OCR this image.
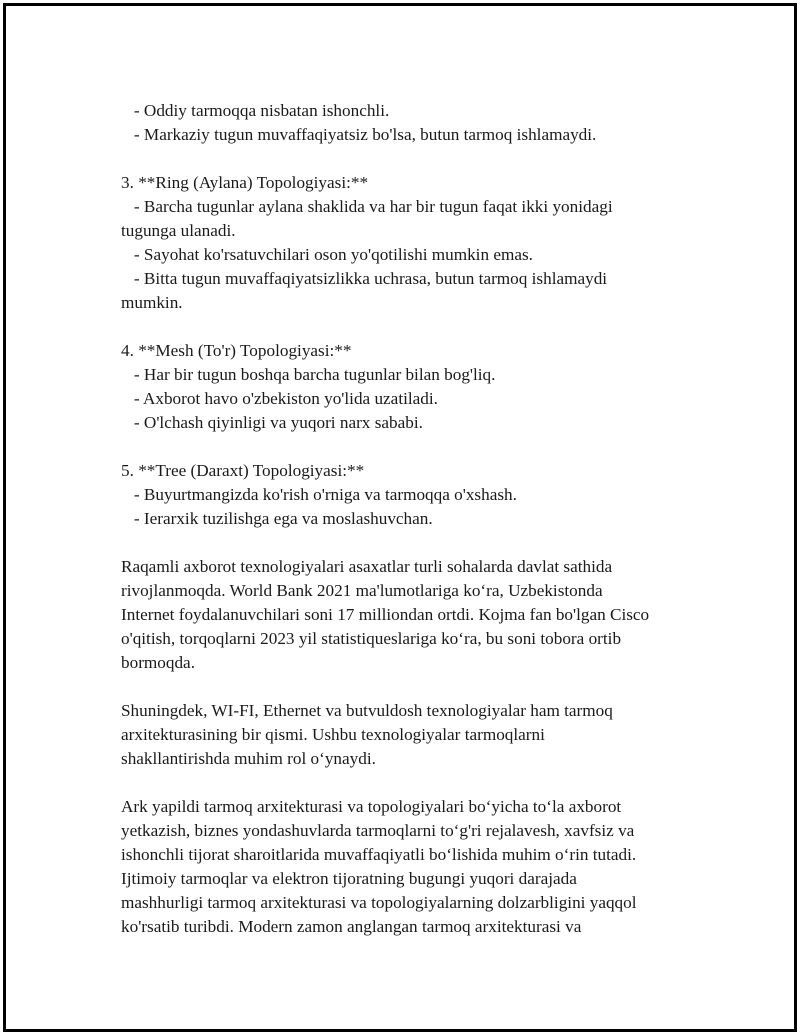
- Oddiy tarmoqqa nisbatan ishonchli.
- Markaziy tugun muvaffaqiyatsiz bo'lsa, butun tarmoq ishlamaydi.
3. **Ring (Aylana) Topologiyasi:**
- Barcha tugunlar aylana shaklida va har bir tugun faqat ikki yonidagi
tugunga ulanadi.
- Sayohat ko'rsatuvchilari oson yo'qotilishi mumkin emas.
- Bitta tugun muvaffaqiyatsizlikka uchrasa, butun tarmoq ishlamaydi
mumkin.
4. **Mesh (To'r) Topologiyasi:**
- Har bir tugun boshqa barcha tugunlar bilan bog'liq.
- Axborot havo o'zbekiston yo'lida uzatiladi.
- O'lchash qiyinligi va yuqori narx sababi.
5. **Tree (Daraxt) Topologiyasi:**
- Buyurtmangizda ko'rish o'rniga va tarmoqqa o'xshash.
- Ierarxik tuzilishga ega va moslashuvchan.
Raqamli axborot texnologiyalari asaxatlar turli sohalarda davlat sathida
rivojlanmoqda. World Bank 2021 ma'lumotlariga ko‘ra, Uzbekistonda
Internet foydalanuvchilari soni 17 milliondan ortdi. Kojma fan bo'lgan Cisco
o'qitish, torqoqlarni 2023 yil statistiqueslariga ko‘ra, bu soni tobora ortib
bormoqda.
Shuningdek, WI-FI, Ethernet va butvuldosh texnologiyalar ham tarmoq
arxitekturasining bir qismi. Ushbu texnologiyalar tarmoqlarni
shakllantirishda muhim rol o‘ynaydi.
Ark yapildi tarmoq arxitekturasi va topologiyalari bo‘yicha to‘la axborot
yetkazish, biznes yondashuvlarda tarmoqlarni to‘g'ri rejalavesh, xavfsiz va
ishonchli tijorat sharoitlarida muvaffaqiyatli bo‘lishida muhim o‘rin tutadi.
Ijtimoiy tarmoqlar va elektron tijoratning bugungi yuqori darajada
mashhurligi tarmoq arxitekturasi va topologiyalarning dolzarbligini yaqqol
ko'rsatib turibdi. Modern zamon anglangan tarmoq arxitekturasi va
